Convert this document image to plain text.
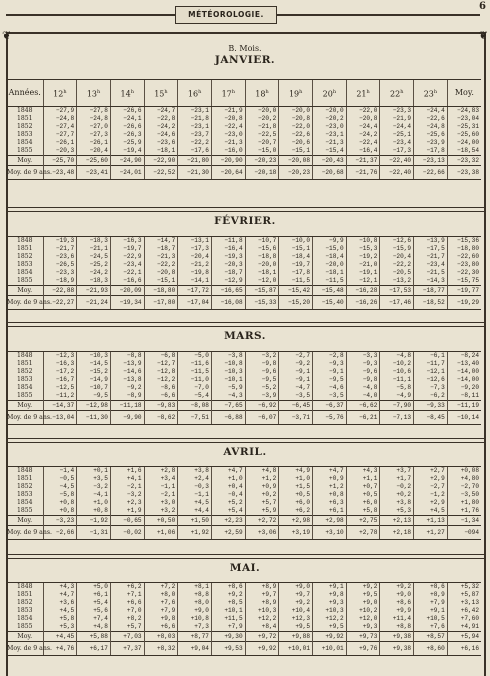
MÉTÉOROLOGIE.
6
❦	❦
B. Mois.
JANVIER.
Années.	12$^h$	13$^h$	14$^h$	15$^h$	16$^h$	17$^h$	18$^h$	19$^h$	20$^h$	21$^h$	22$^h$	23$^h$	Moy.
1848	−27,9	−27,8	−26,6	−24,7	−23,1	−21,9	−20,0	−20,0	−20,0	−22,0	−23,3	−24,4	−24,83
1851	−24,8	−24,8	−24,1	−22,8	−21,8	−20,8	−20,2	−20,8	−20,2	−20,8	−21,9	−22,6	−23,04
1852	−27,4	−27,0	−26,6	−24,2	−23,1	−22,4	−21,8	−22,0	−23,0	−24,4	−24,4	−24,8	−25,31
1853	−27,7	−27,3	−26,3	−24,6	−23,7	−23,0	−22,5	−22,6	−23,1	−24,2	−25,1	−25,6	−25,60
1854	−26,1	−26,1	−25,9	−23,6	−22,2	−21,3	−20,7	−20,6	−21,3	−22,4	−23,4	−23,9	−24,00
1855	−20,3	−20,4	−19,4	−18,1	−17,6	−16,0	−15,0	−15,1	−15,4	−16,4	−17,3	−17,8	−18,54
Moy.	−25,70	−25,60	−24,90	−22,90	−21,80	−20,90	−20,23	−20,08	−20,43	−21,37	−22,40	−23,13	−23,32
Moy. de 9 ans.	−23,48	−23,41	−24,01	−22,52	−21,30	−20,64	−20,18	−20,23	−20,68	−21,76	−22,40	−22,66	−23,38
FÉVRIER.
1848	−19,3	−18,3	−16,3	−14,7	−13,1	−11,8	−10,7	−10,0	−9,9	−10,8	−12,6	−13,9	−15,36
1851	−21,7	−21,1	−19,7	−18,7	−17,3	−16,4	−15,6	−15,1	−15,0	−15,3	−15,9	−17,5	−18,80
1852	−23,6	−24,5	−22,9	−21,3	−20,4	−19,3	−18,8	−18,4	−18,4	−19,2	−20,4	−21,7	−22,60
1853	−26,5	−25,2	−23,4	−22,2	−21,2	−20,3	−20,0	−19,7	−20,0	−21,0	−22,2	−23,4	−23,80
1854	−23,3	−24,2	−22,1	−20,8	−19,8	−18,7	−18,1	−17,8	−18,1	−19,1	−20,5	−21,5	−22,30
1855	−18,9	−18,3	−16,6	−15,1	−14,1	−12,9	−12,0	−11,5	−11,5	−12,1	−13,2	−14,3	−15,75
Moy.	−22,88	−21,93	−20,09	−18,80	−17,72	−16,65	−15,87	−15,42	−15,48	−16,28	−17,53	−18,77	−19,77
Moy. de 9 ans.	−22,27	−21,24	−19,34	−17,80	−17,04	−16,08	−15,33	−15,20	−15,40	−16,26	−17,46	−18,52	−19,29
MARS.
1848	−12,3	−10,3	−8,8	−6,8	−5,0	−3,8	−3,2	−2,7	−2,8	−3,3	−4,8	−6,1	−8,24
1851	−16,3	−14,5	−13,9	−12,7	−11,6	−10,8	−9,8	−9,2	−9,3	−9,3	−10,2	−11,7	−13,40
1852	−17,2	−15,2	−14,6	−12,8	−11,5	−10,3	−9,6	−9,1	−9,1	−9,6	−10,6	−12,1	−14,00
1853	−16,7	−14,9	−13,8	−12,2	−11,0	−10,1	−9,5	−9,1	−9,5	−9,8	−11,1	−12,6	−14,00
1854	−12,5	−10,7	−9,2	−8,6	−7,0	−5,9	−5,2	−4,7	−4,6	−4,8	−5,8	−7,3	−9,20
1855	−11,2	−9,5	−8,9	−6,6	−5,4	−4,3	−3,9	−3,5	−3,5	−4,0	−4,9	−6,2	−8,11
Moy.	−14,37	−12,98	−11,18	−9,83	−8,08	−7,65	−6,92	−6,45	−6,37	−6,62	−7,90	−9,33	−11,19
Moy. de 9 ans.	−13,04	−11,30	−9,90	−8,62	−7,51	−6,88	−6,07	−3,71	−5,76	−6,21	−7,13	−8,45	−10,14
AVRIL.
1848	−1,4	+0,1	+1,6	+2,8	+3,8	+4,7	+4,8	+4,9	+4,7	+4,3	+3,7	+2,7	+0,08
1851	−0,5	+3,5	+4,1	+3,4	+2,4	+1,0	+1,2	+1,0	+0,9	+1,1	+1,7	+2,9	+4,80
1852	−4,5	−3,2	−2,1	−1,1	−0,3	+0,4	+0,9	+1,5	+1,2	+0,7	−0,2	−2,7	−2,70
1853	−5,8	−4,1	−3,2	−2,1	−1,1	−0,4	+0,2	+0,5	+0,8	+0,5	+0,2	−1,2	−3,50
1854	+0,8	+1,0	+2,3	+3,0	+4,5	+5,2	+5,7	+6,0	+6,3	+6,0	+3,8	+2,9	+1,80
1855	+0,8	+0,8	+1,9	+3,2	+4,4	+5,4	+5,9	+6,2	+6,1	+5,8	+5,3	+4,5	+1,76
Moy.	−3,23	−1,92	−0,65	+0,50	+1,50	+2,23	+2,72	+2,98	+2,98	+2,75	+2,13	+1,13	−1,34
Moy. de 9 ans.	−2,66	−1,31	−0,02	+1,06	+1,92	+2,59	+3,06	+3,19	+3,10	+2,78	+2,18	+1,27	−094
MAI.
1848	+4,3	+5,0	+6,2	+7,2	+8,1	+8,6	+8,9	+9,0	+9,1	+9,2	+9,2	+8,6	+5,32
1851	+4,7	+6,1	+7,1	+8,0	+8,8	+9,2	+9,7	+9,7	+9,8	+9,5	+9,0	+8,9	+5,87
1852	+3,6	+5,4	+6,6	+7,6	+8,0	+8,5	+8,9	+9,2	+9,3	+9,0	+8,6	+7,9	+3,13
1853	+4,5	+5,6	+7,0	+7,9	+9,0	+10,1	+10,3	+10,4	+10,3	+10,2	+9,9	+9,1	+6,42
1854	+5,8	+7,4	+8,2	+9,8	+10,8	+11,5	+12,2	+12,3	+12,2	+12,0	+11,4	+10,5	+7,60
1855	+5,3	+4,8	+5,7	+6,6	+7,3	+7,9	+8,4	+9,5	+9,5	+9,3	+8,8	+7,6	+4,91
Moy.	+4,45	+5,88	+7,03	+8,03	+8,77	+9,30	+9,72	+9,88	+9,92	+9,73	+9,38	+8,57	+5,94
Moy. de 9 ans.	+4,76	+6,17	+7,37	+8,32	+9,04	+9,53	+9,92	+10,01	+10,01	+9,76	+9,38	+8,60	+6,16
